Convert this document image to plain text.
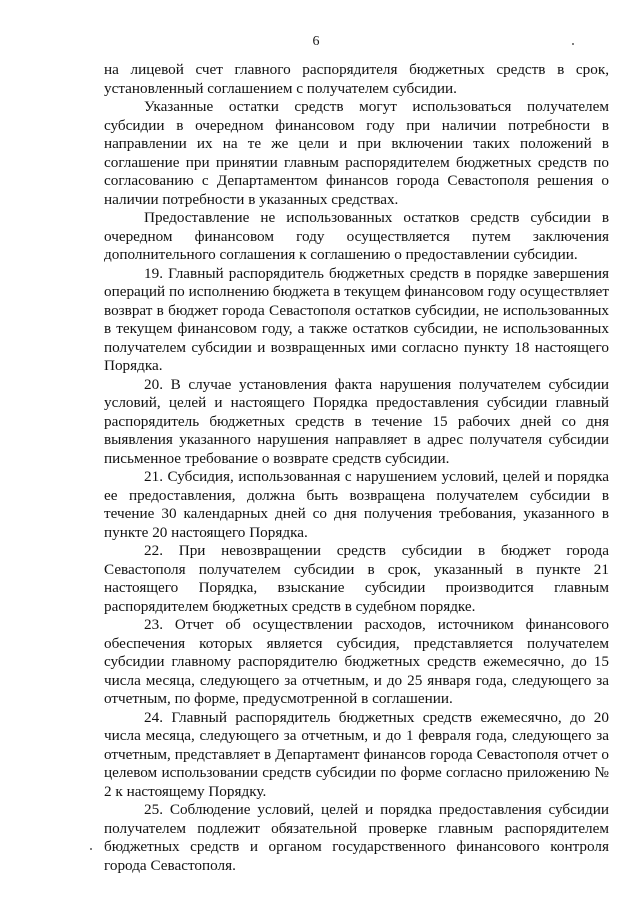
6

на лицевой счет главного распорядителя бюджетных средств в срок, установленный соглашением с получателем субсидии.

Указанные остатки средств могут использоваться получателем субсидии в очередном финансовом году при наличии потребности в направлении их на те же цели и при включении таких положений в соглашение при принятии главным распорядителем бюджетных средств по согласованию с Департаментом финансов города Севастополя решения о наличии потребности в указанных средствах.

Предоставление не использованных остатков средств субсидии в очередном финансовом году осуществляется путем заключения дополнительного соглашения к соглашению о предоставлении субсидии.

19. Главный распорядитель бюджетных средств в порядке завершения операций по исполнению бюджета в текущем финансовом году осуществляет возврат в бюджет города Севастополя остатков субсидии, не использованных в текущем финансовом году, а также остатков субсидии, не использованных получателем субсидии и возвращенных ими согласно пункту 18 настоящего Порядка.

20. В случае установления факта нарушения получателем субсидии условий, целей и настоящего Порядка предоставления субсидии главный распорядитель бюджетных средств в течение 15 рабочих дней со дня выявления указанного нарушения направляет в адрес получателя субсидии письменное требование о возврате средств субсидии.

21. Субсидия, использованная с нарушением условий, целей и порядка ее предоставления, должна быть возвращена получателем субсидии в течение 30 календарных дней со дня получения требования, указанного в пункте 20 настоящего Порядка.

22. При невозвращении средств субсидии в бюджет города Севастополя получателем субсидии в срок, указанный в пункте 21 настоящего Порядка, взыскание субсидии производится главным распорядителем бюджетных средств в судебном порядке.

23. Отчет об осуществлении расходов, источником финансового обеспечения которых является субсидия, представляется получателем субсидии главному распорядителю бюджетных средств ежемесячно, до 15 числа месяца, следующего за отчетным, и до 25 января года, следующего за отчетным, по форме, предусмотренной в соглашении.

24. Главный распорядитель бюджетных средств ежемесячно, до 20 числа месяца, следующего за отчетным, и до 1 февраля года, следующего за отчетным, представляет в Департамент финансов города Севастополя отчет о целевом использовании средств субсидии по форме согласно приложению № 2 к настоящему Порядку.

25. Соблюдение условий, целей и порядка предоставления субсидии получателем подлежит обязательной проверке главным распорядителем бюджетных средств и органом государственного финансового контроля города Севастополя.
